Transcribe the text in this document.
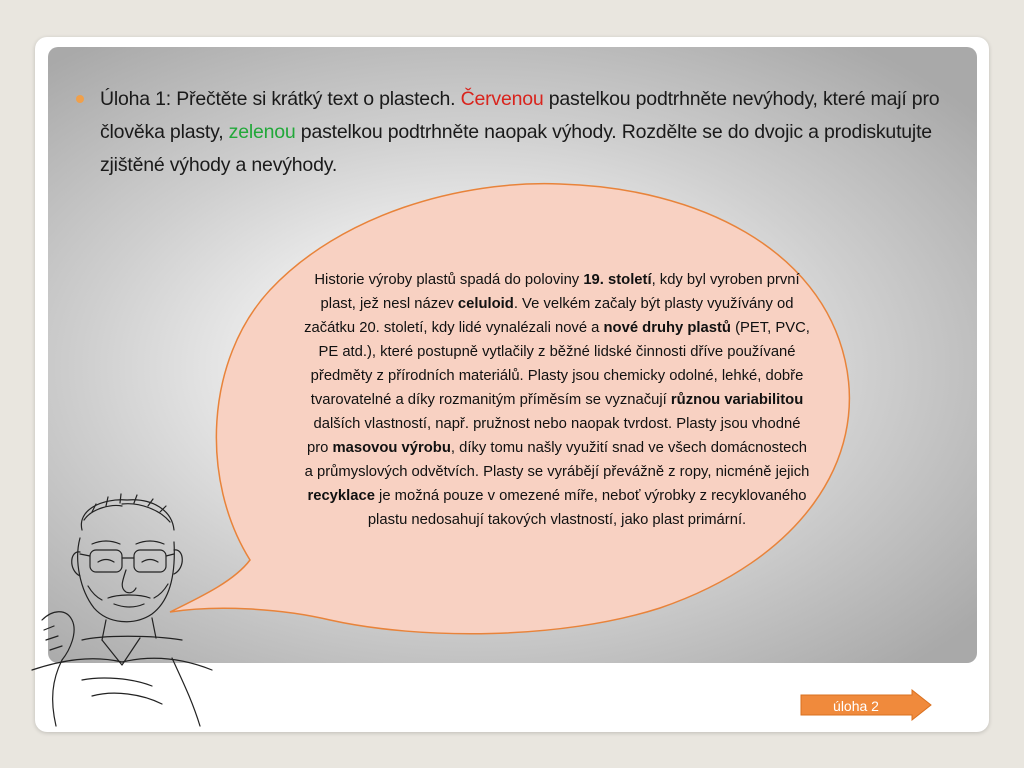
Úloha 1: Přečtěte si krátký text o plastech. Červenou pastelkou podtrhněte nevýhody, které mají pro člověka plasty, zelenou pastelkou podtrhněte naopak výhody. Rozdělte se do dvojic a prodiskutujte zjištěné výhody a nevýhody.
Historie výroby plastů spadá do poloviny 19. století, kdy byl vyroben první plast, jež nesl název celuloid. Ve velkém začaly být plasty využívány od začátku 20. století, kdy lidé vynalézali nové a nové druhy plastů (PET, PVC, PE atd.), které postupně vytlačily z běžné lidské činnosti dříve používané předměty z přírodních materiálů. Plasty jsou chemicky odolné, lehké, dobře tvarovatelné a díky rozmanitým příměsím se vyznačují různou variabilitou dalších vlastností, např. pružnost nebo naopak tvrdost. Plasty jsou vhodné pro masovou výrobu, díky tomu našly využití snad ve všech domácnostech a průmyslových odvětvích. Plasty se vyrábějí převážně z ropy, nicméně jejich recyklace je možná pouze v omezené míře, neboť výrobky z recyklovaného plastu nedosahují takových vlastností, jako plast primární.
úloha 2
